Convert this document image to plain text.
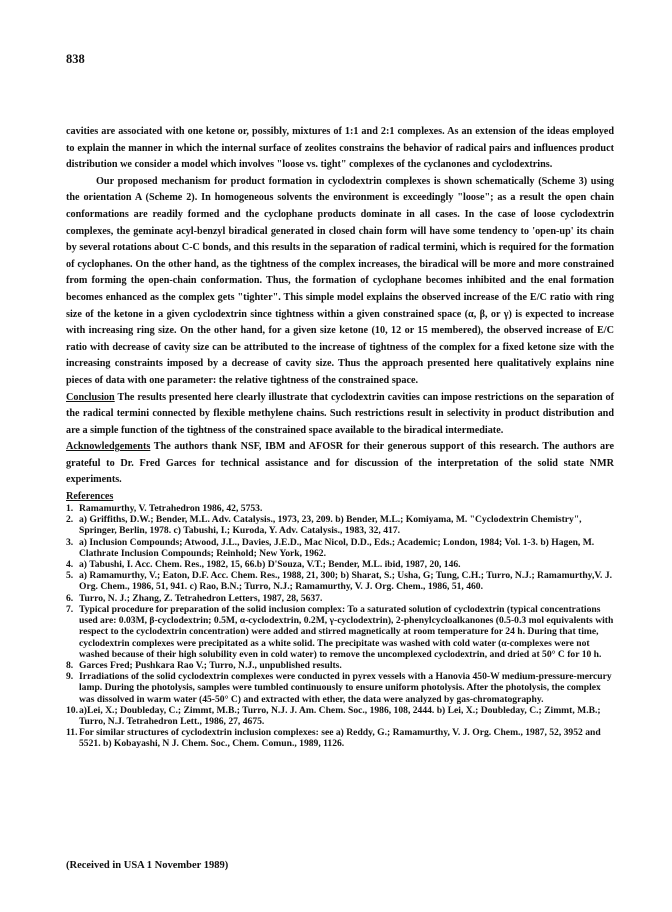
838

cavities are associated with one ketone or, possibly, mixtures of 1:1 and 2:1 complexes. As an extension of the ideas employed to explain the manner in which the internal surface of zeolites constrains the behavior of radical pairs and influences product distribution we consider a model which involves "loose vs. tight" complexes of the cyclanones and cyclodextrins.

Our proposed mechanism for product formation in cyclodextrin complexes is shown schematically (Scheme 3) using the orientation A (Scheme 2). In homogeneous solvents the environment is exceedingly "loose"; as a result the open chain conformations are readily formed and the cyclophane products dominate in all cases. In the case of loose cyclodextrin complexes, the geminate acyl-benzyl biradical generated in closed chain form will have some tendency to 'open-up' its chain by several rotations about C-C bonds, and this results in the separation of radical termini, which is required for the formation of cyclophanes. On the other hand, as the tightness of the complex increases, the biradical will be more and more constrained from forming the open-chain conformation. Thus, the formation of cyclophane becomes inhibited and the enal formation becomes enhanced as the complex gets "tighter". This simple model explains the observed increase of the E/C ratio with ring size of the ketone in a given cyclodextrin since tightness within a given constrained space (α, β, or γ) is expected to increase with increasing ring size. On the other hand, for a given size ketone (10, 12 or 15 membered), the observed increase of E/C ratio with decrease of cavity size can be attributed to the increase of tightness of the complex for a fixed ketone size with the increasing constraints imposed by a decrease of cavity size. Thus the approach presented here qualitatively explains nine pieces of data with one parameter: the relative tightness of the constrained space.

Conclusion The results presented here clearly illustrate that cyclodextrin cavities can impose restrictions on the separation of the radical termini connected by flexible methylene chains. Such restrictions result in selectivity in product distribution and are a simple function of the tightness of the constrained space available to the biradical intermediate.

Acknowledgements The authors thank NSF, IBM and AFOSR for their generous support of this research. The authors are grateful to Dr. Fred Garces for technical assistance and for discussion of the interpretation of the solid state NMR experiments.

References
1. Ramamurthy, V. Tetrahedron 1986, 42, 5753.
2. a) Griffiths, D.W.; Bender, M.L. Adv. Catalysis., 1973, 23, 209. b) Bender, M.L.; Komiyama, M. "Cyclodextrin Chemistry", Springer, Berlin, 1978. c) Tabushi, I.; Kuroda, Y. Adv. Catalysis., 1983, 32, 417.
3. a) Inclusion Compounds; Atwood, J.L., Davies, J.E.D., Mac Nicol, D.D., Eds.; Academic; London, 1984; Vol. 1-3. b) Hagen, M. Clathrate Inclusion Compounds; Reinhold; New York, 1962.
4. a) Tabushi, I. Acc. Chem. Res., 1982, 15, 66.b) D'Souza, V.T.; Bender, M.L. ibid, 1987, 20, 146.
5. a) Ramamurthy, V.; Eaton, D.F. Acc. Chem. Res., 1988, 21, 300; b) Sharat, S.; Usha, G; Tung, C.H.; Turro, N.J.; Ramamurthy,V. J. Org. Chem., 1986, 51, 941. c) Rao, B.N.; Turro, N.J.; Ramamurthy, V. J. Org. Chem., 1986, 51, 460.
6. Turro, N. J.; Zhang, Z. Tetrahedron Letters, 1987, 28, 5637.
7. Typical procedure for preparation of the solid inclusion complex: To a saturated solution of cyclodextrin (typical concentrations used are: 0.03M, β-cyclodextrin; 0.5M, α-cyclodextrin, 0.2M, γ-cyclodextrin), 2-phenylcycloalkanones (0.5-0.3 mol equivalents with respect to the cyclodextrin concentration) were added and stirred magnetically at room temperature for 24 h. During that time, cyclodextrin complexes were precipitated as a white solid. The precipitate was washed with cold water (α-complexes were not washed because of their high solubility even in cold water) to remove the uncomplexed cyclodextrin, and dried at 50° C for 10 h.
8. Garces Fred; Pushkara Rao V.; Turro, N.J., unpublished results.
9. Irradiations of the solid cyclodextrin complexes were conducted in pyrex vessels with a Hanovia 450-W medium-pressure-mercury lamp. During the photolysis, samples were tumbled continuously to ensure uniform photolysis. After the photolysis, the complex was dissolved in warm water (45-50° C) and extracted with ether, the data were analyzed by gas-chromatography.
10. a)Lei, X.; Doubleday, C.; Zimmt, M.B.; Turro, N.J. J. Am. Chem. Soc., 1986, 108, 2444. b) Lei, X.; Doubleday, C.; Zimmt, M.B.; Turro, N.J. Tetrahedron Lett., 1986, 27, 4675.
11. For similar structures of cyclodextrin inclusion complexes: see a) Reddy, G.; Ramamurthy, V. J. Org. Chem., 1987, 52, 3952 and 5521. b) Kobayashi, N J. Chem. Soc., Chem. Comun., 1989, 1126.
(Received in USA 1 November 1989)
